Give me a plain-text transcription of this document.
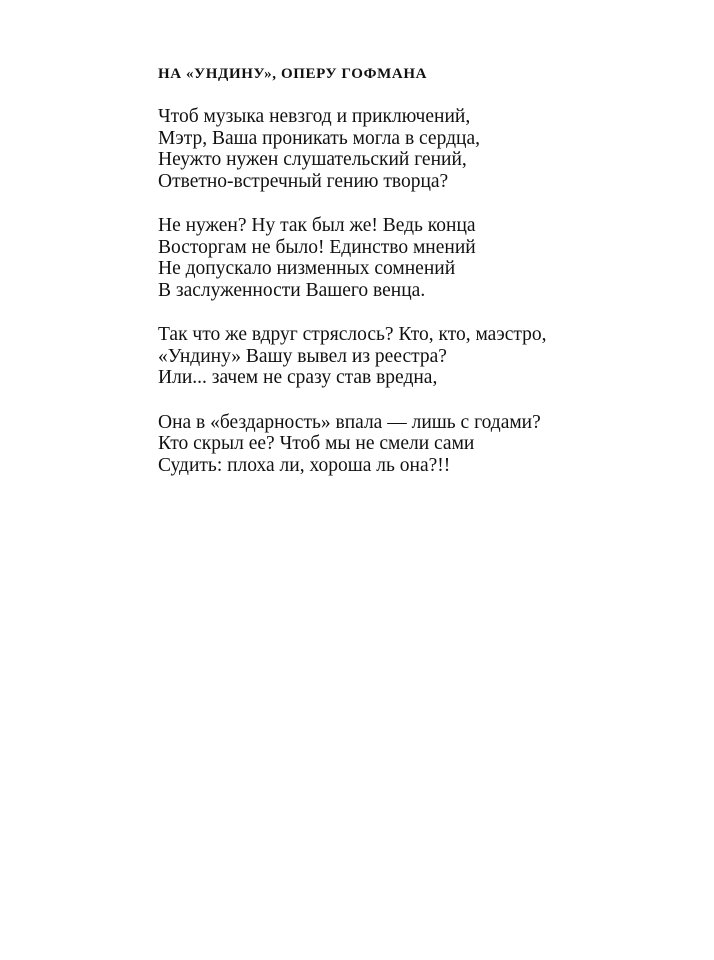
НА «УНДИНУ», ОПЕРУ ГОФМАНА
Чтоб музыка невзгод и приключений,
Мэтр, Ваша проникать могла в сердца,
Неужто нужен слушательский гений,
Ответно-встречный гению творца?
Не нужен? Ну так был же! Ведь конца
Восторгам не было! Единство мнений
Не допускало низменных сомнений
В заслуженности Вашего венца.
Так что же вдруг стряслось? Кто, кто, маэстро,
«Ундину» Вашу вывел из реестра?
Или... зачем не сразу став вредна,
Она в «бездарность» впала — лишь с годами?
Кто скрыл ее? Чтоб мы не смели сами
Судить: плоха ли, хороша ль она?!!
